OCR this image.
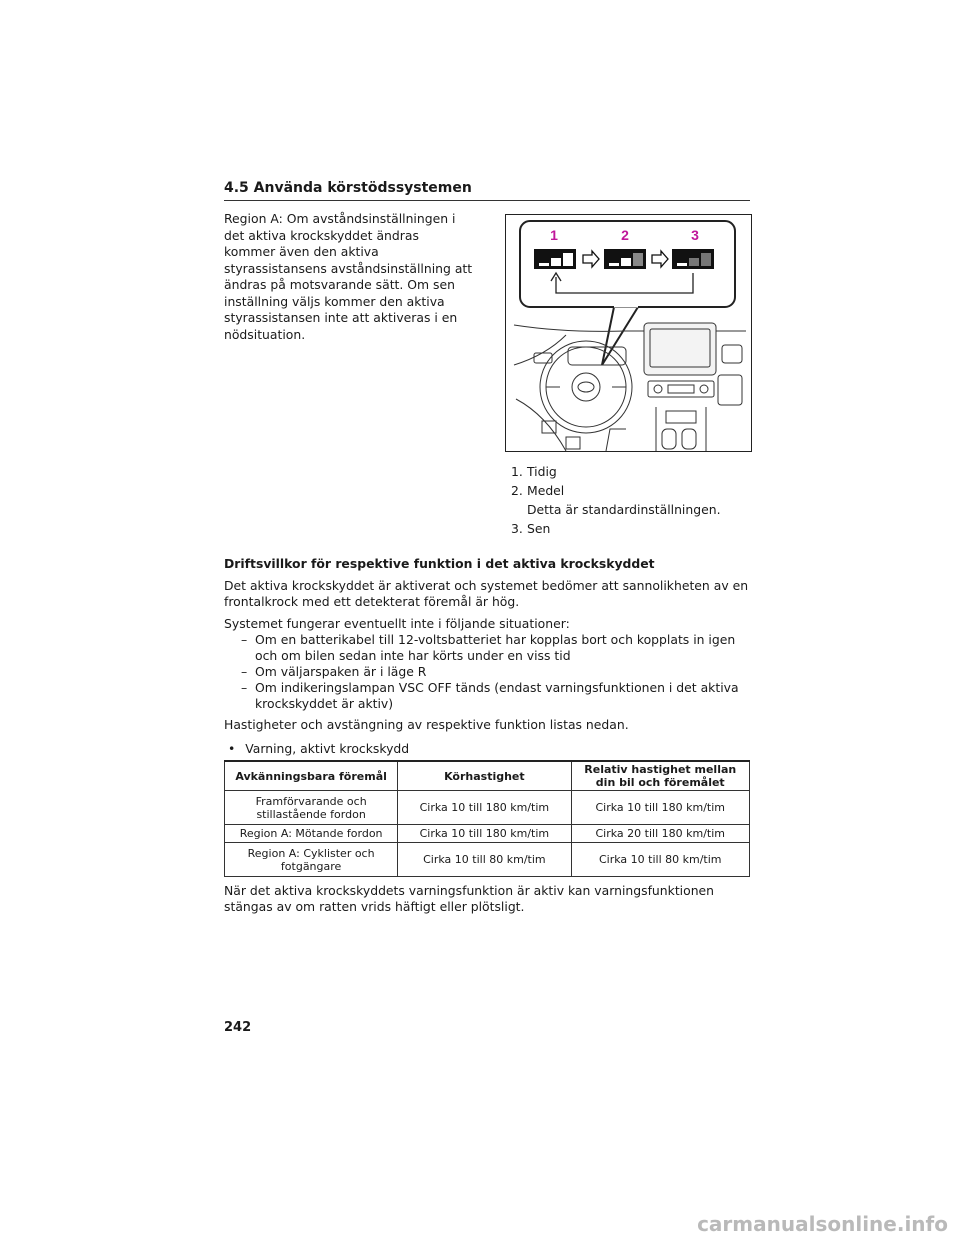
4.5 Använda körstödssystemen
Region A: Om avståndsinställningen i det aktiva krockskyddet ändras kommer även den aktiva styrassistansens avståndsinställning att ändras på motsvarande sätt. Om sen inställning väljs kommer den aktiva styrassistansen inte att aktiveras i en nödsituation.
1	2	3
1. Tidig
2. Medel
Detta är standardinställningen.
3. Sen
Driftsvillkor för respektive funktion i det aktiva krockskyddet
Det aktiva krockskyddet är aktiverat och systemet bedömer att sannolikheten av en frontalkrock med ett detekterat föremål är hög.
Systemet fungerar eventuellt inte i följande situationer:
– Om en batterikabel till 12-voltsbatteriet har kopplas bort och kopplats in igen och om bilen sedan inte har körts under en viss tid
– Om väljarspaken är i läge R
– Om indikeringslampan VSC OFF tänds (endast varningsfunktionen i det aktiva krockskyddet är aktiv)
Hastigheter och avstängning av respektive funktion listas nedan.
• Varning, aktivt krockskydd
Avkänningsbara föremål	Körhastighet	Relativ hastighet mellan din bil och föremålet
Framförvarande och stillastående fordon	Cirka 10 till 180 km/tim	Cirka 10 till 180 km/tim
Region A: Mötande fordon	Cirka 10 till 180 km/tim	Cirka 20 till 180 km/tim
Region A: Cyklister och fotgängare	Cirka 10 till 80 km/tim	Cirka 10 till 80 km/tim
När det aktiva krockskyddets varningsfunktion är aktiv kan varningsfunktionen stängas av om ratten vrids häftigt eller plötsligt.
242
carmanualsonline.info
